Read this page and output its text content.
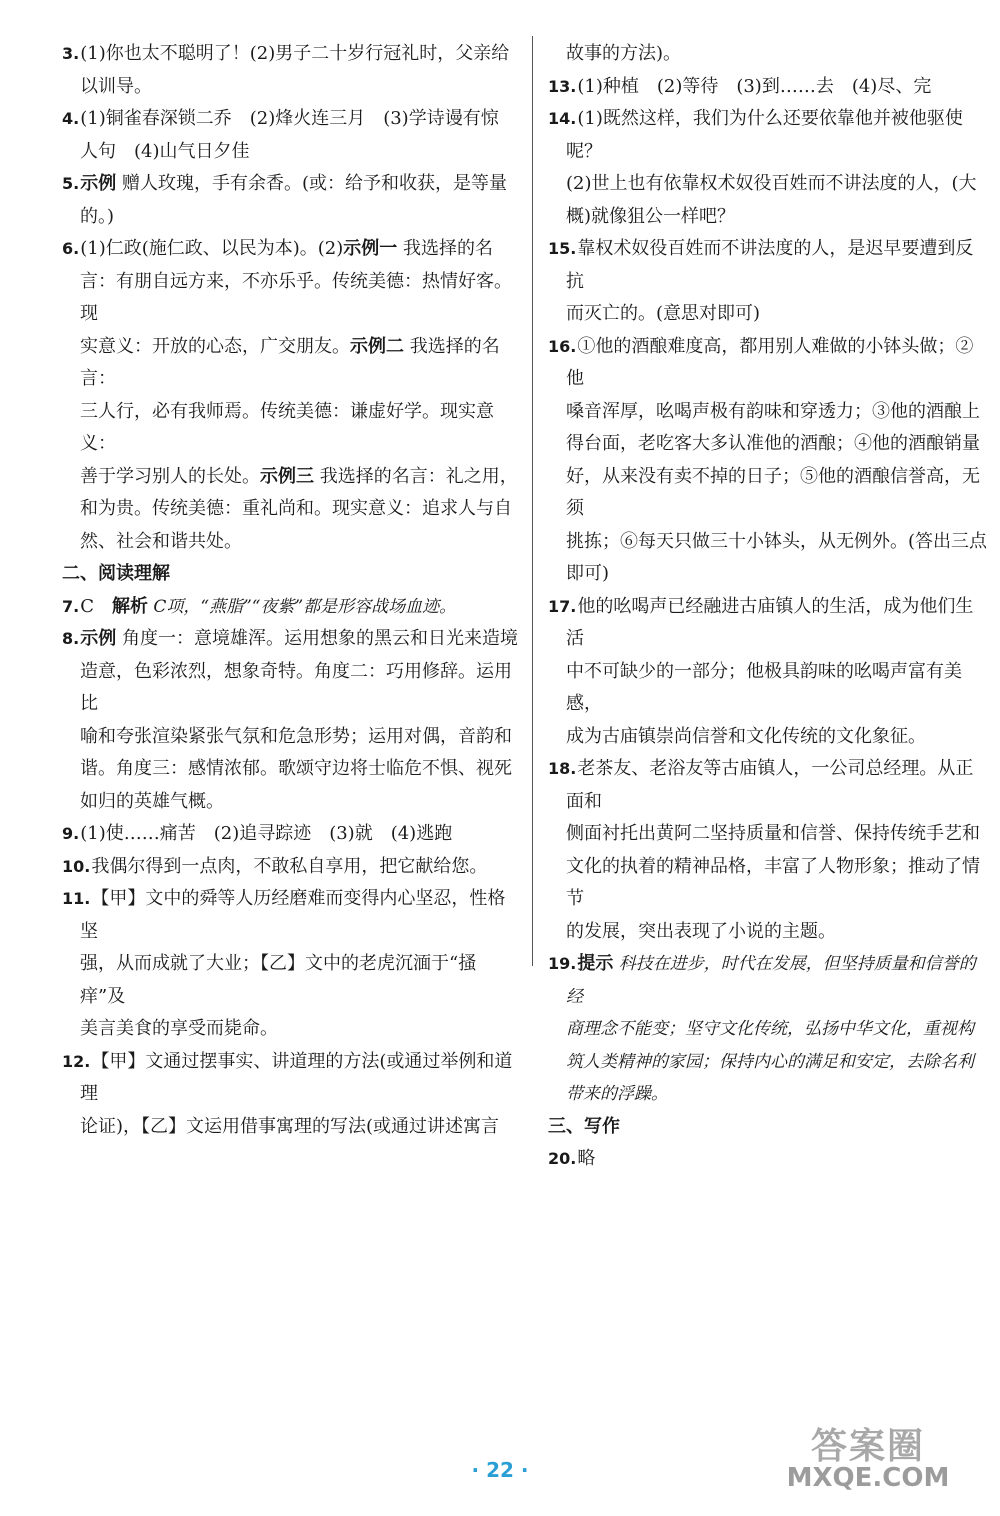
3.(1)你也太不聪明了！(2)男子二十岁行冠礼时，父亲给
以训导。
4.(1)铜雀春深锁二乔　(2)烽火连三月　(3)学诗谩有惊
人句　(4)山气日夕佳
5.示例 赠人玫瑰，手有余香。(或：给予和收获，是等量的。)
6.(1)仁政(施仁政、以民为本)。(2)示例一 我选择的名
言：有朋自远方来，不亦乐乎。传统美德：热情好客。现
实意义：开放的心态，广交朋友。示例二 我选择的名言：
三人行，必有我师焉。传统美德：谦虚好学。现实意义：
善于学习别人的长处。示例三 我选择的名言：礼之用，
和为贵。传统美德：重礼尚和。现实意义：追求人与自
然、社会和谐共处。
二、阅读理解
7.C　解析 C项，“燕脂”“夜紫”都是形容战场血迹。
8.示例 角度一：意境雄浑。运用想象的黑云和日光来造境
造意，色彩浓烈，想象奇特。角度二：巧用修辞。运用比
喻和夸张渲染紧张气氛和危急形势；运用对偶，音韵和
谐。角度三：感情浓郁。歌颂守边将士临危不惧、视死
如归的英雄气概。
9.(1)使……痛苦　(2)追寻踪迹　(3)就　(4)逃跑
10.我偶尔得到一点肉，不敢私自享用，把它献给您。
11.【甲】文中的舜等人历经磨难而变得内心坚忍，性格坚
强，从而成就了大业；【乙】文中的老虎沉湎于“搔痒”及
美言美食的享受而毙命。
12.【甲】文通过摆事实、讲道理的方法(或通过举例和道理
论证)，【乙】文运用借事寓理的写法(或通过讲述寓言
故事的方法)。
13.(1)种植　(2)等待　(3)到……去　(4)尽、完
14.(1)既然这样，我们为什么还要依靠他并被他驱使呢？
(2)世上也有依靠权术奴役百姓而不讲法度的人，(大
概)就像狙公一样吧？
15.靠权术奴役百姓而不讲法度的人，是迟早要遭到反抗
而灭亡的。(意思对即可)
16.①他的酒酿难度高，都用别人难做的小钵头做；②他
嗓音浑厚，吆喝声极有韵味和穿透力；③他的酒酿上
得台面，老吃客大多认准他的酒酿；④他的酒酿销量
好，从来没有卖不掉的日子；⑤他的酒酿信誉高，无须
挑拣；⑥每天只做三十小钵头，从无例外。(答出三点
即可)
17.他的吆喝声已经融进古庙镇人的生活，成为他们生活
中不可缺少的一部分；他极具韵味的吆喝声富有美感，
成为古庙镇崇尚信誉和文化传统的文化象征。
18.老茶友、老浴友等古庙镇人，一公司总经理。从正面和
侧面衬托出黄阿二坚持质量和信誉、保持传统手艺和
文化的执着的精神品格，丰富了人物形象；推动了情节
的发展，突出表现了小说的主题。
19.提示 科技在进步，时代在发展，但坚持质量和信誉的经
商理念不能变；坚守文化传统，弘扬中华文化，重视构
筑人类精神的家园；保持内心的满足和安定，去除名利
带来的浮躁。
三、写作
20.略
· 22 ·
答案圈
MXQE.COM
